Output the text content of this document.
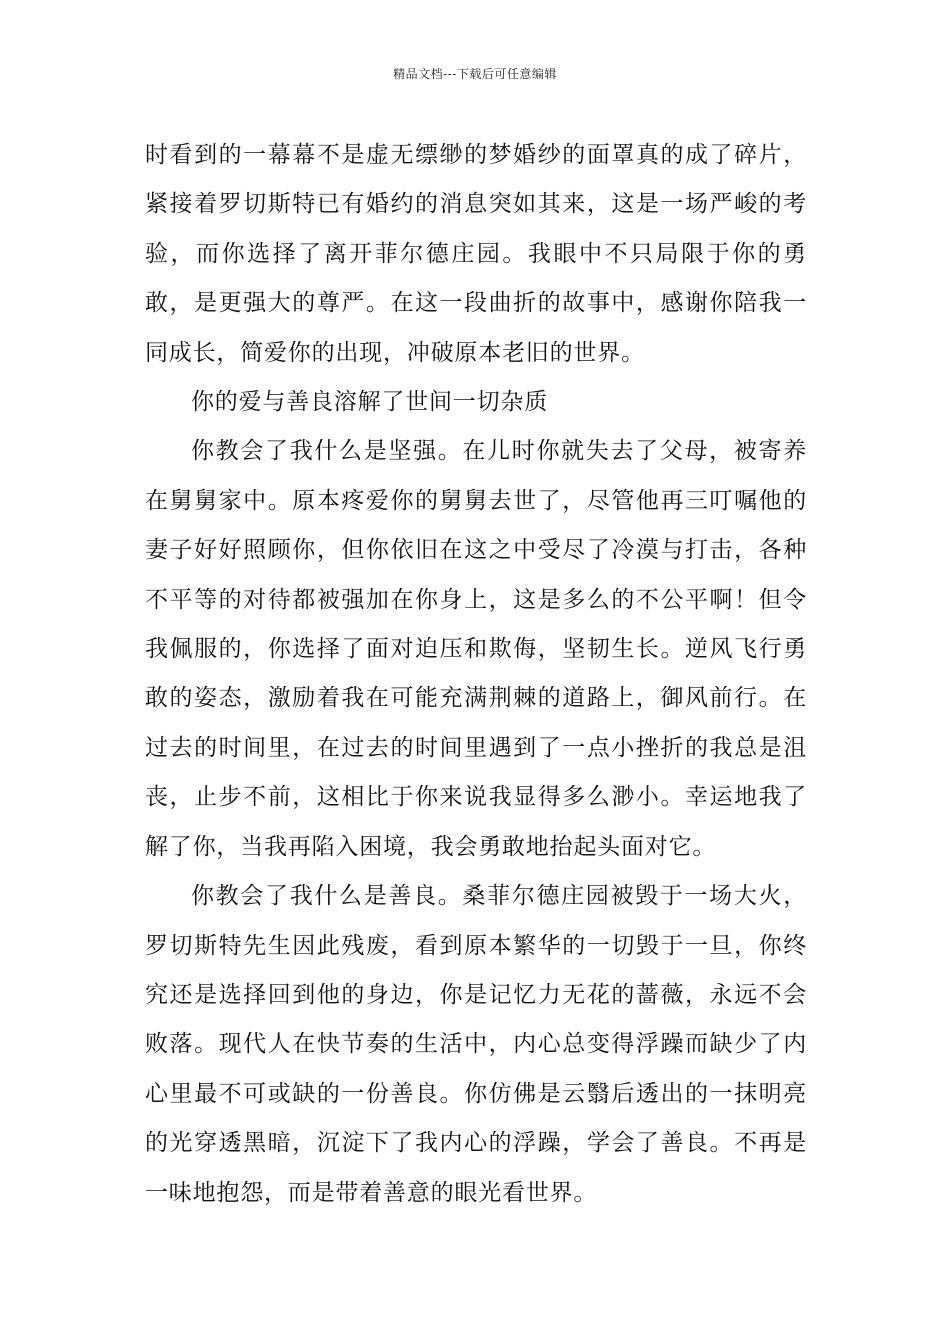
精品文档---下载后可任意编辑

时看到的一幕幕不是虚无缥缈的梦婚纱的面罩真的成了碎片，紧接着罗切斯特已有婚约的消息突如其来，这是一场严峻的考验，而你选择了离开菲尔德庄园。我眼中不只局限于你的勇敢，是更强大的尊严。在这一段曲折的故事中，感谢你陪我一同成长，简爱你的出现，冲破原本老旧的世界。

你的爱与善良溶解了世间一切杂质

你教会了我什么是坚强。在儿时你就失去了父母，被寄养在舅舅家中。原本疼爱你的舅舅去世了，尽管他再三叮嘱他的妻子好好照顾你，但你依旧在这之中受尽了冷漠与打击，各种不平等的对待都被强加在你身上，这是多么的不公平啊！但令我佩服的，你选择了面对迫压和欺侮，坚韧生长。逆风飞行勇敢的姿态，激励着我在可能充满荆棘的道路上，御风前行。在过去的时间里，在过去的时间里遇到了一点小挫折的我总是沮丧，止步不前，这相比于你来说我显得多么渺小。幸运地我了解了你，当我再陷入困境，我会勇敢地抬起头面对它。

你教会了我什么是善良。桑菲尔德庄园被毁于一场大火，罗切斯特先生因此残废，看到原本繁华的一切毁于一旦，你终究还是选择回到他的身边，你是记忆力无花的蔷薇，永远不会败落。现代人在快节奏的生活中，内心总变得浮躁而缺少了内心里最不可或缺的一份善良。你仿佛是云翳后透出的一抹明亮的光穿透黑暗，沉淀下了我内心的浮躁，学会了善良。不再是一味地抱怨，而是带着善意的眼光看世界。
